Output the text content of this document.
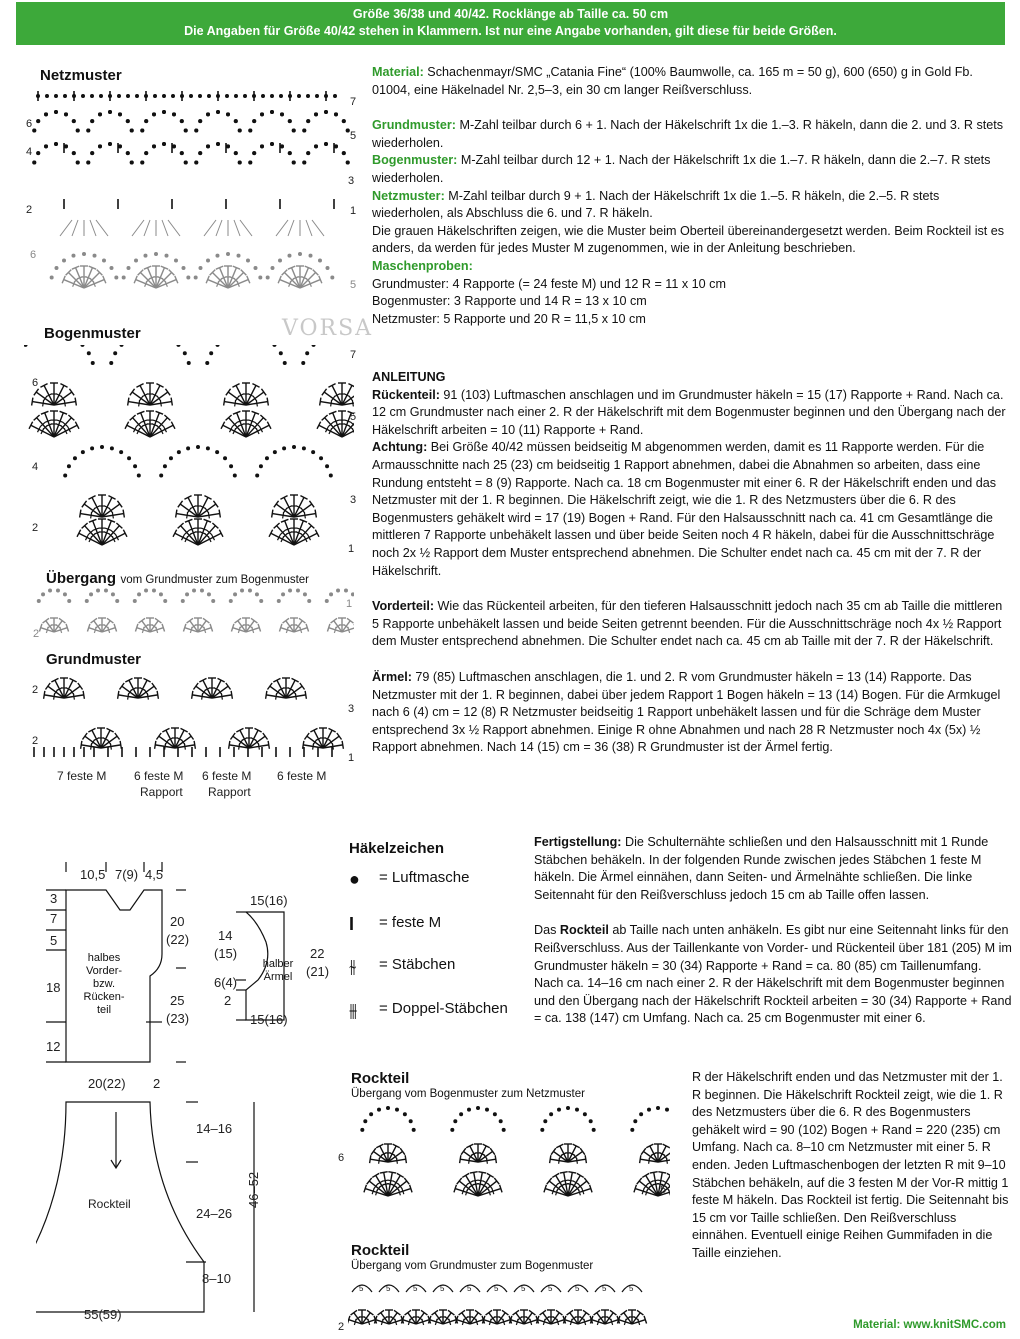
Größe 36/38 und 40/42. Rocklänge ab Taille ca. 50 cm
Die Angaben für Größe 40/42 stehen in Klammern. Ist nur eine Angabe vorhanden, gilt diese für beide Größen.
VORSA
Netzmuster
6
4
2
6
7
5
3
1
5
Bogenmuster
6
4
2
7
5
3
1
Übergang vom Grundmuster zum Bogenmuster
1
2
Grundmuster
2
2
3
1
7 feste M 6 feste M 6 feste M 6 feste M
Rapport Rapport

Material: Schachenmayr/SMC „Catania Fine“ (100% Baumwolle, ca. 165 m = 50 g), 600 (650) g in Gold Fb. 01004, eine Häkelnadel Nr. 2,5–3, ein 30 cm langer Reißverschluss.

Grundmuster: M-Zahl teilbar durch 6 + 1. Nach der Häkelschrift 1x die 1.–3. R häkeln, dann die 2. und 3. R stets wiederholen.

Bogenmuster: M-Zahl teilbar durch 12 + 1. Nach der Häkelschrift 1x die 1.–7. R häkeln, dann die 2.–7. R stets wiederholen.

Netzmuster: M-Zahl teilbar durch 9 + 1. Nach der Häkelschrift 1x die 1.–5. R häkeln, die 2.–5. R stets wiederholen, als Abschluss die 6. und 7. R häkeln.

Die grauen Häkelschriften zeigen, wie die Muster beim Oberteil übereinandergesetzt werden. Beim Rockteil ist es anders, da werden für jedes Muster M zugenommen, wie in der Anleitung beschrieben.

Maschenproben:

Grundmuster: 4 Rapporte (= 24 feste M) und 12 R = 11 x 10 cm

Bogenmuster: 3 Rapporte und 14 R = 13 x 10 cm

Netzmuster: 5 Rapporte und 20 R = 11,5 x 10 cm

ANLEITUNG

Rückenteil: 91 (103) Luftmaschen anschlagen und im Grundmuster häkeln = 15 (17) Rapporte + Rand. Nach ca. 12 cm Grundmuster nach einer 2. R der Häkelschrift mit dem Bogenmuster beginnen und den Übergang nach der Häkelschrift arbeiten = 10 (11) Rapporte + Rand.

Achtung: Bei Größe 40/42 müssen beidseitig M abgenommen werden, damit es 11 Rapporte werden. Für die Armausschnitte nach 25 (23) cm beidseitig 1 Rapport abnehmen, dabei die Abnahmen so arbeiten, dass eine Rundung entsteht = 8 (9) Rapporte. Nach ca. 18 cm Bogenmuster mit einer 6. R der Häkelschrift enden und das Netzmuster mit der 1. R beginnen. Die Häkelschrift zeigt, wie die 1. R des Netzmusters über die 6. R des Bogenmusters gehäkelt wird = 17 (19) Bogen + Rand. Für den Halsausschnitt nach ca. 41 cm Gesamtlänge die mittleren 7 Rapporte unbehäkelt lassen und über beide Seiten noch 4 R häkeln, dabei für die Ausschnittschräge noch 2x ½ Rapport dem Muster entsprechend abnehmen. Die Schulter endet nach ca. 45 cm mit der 7. R der Häkelschrift.

Vorderteil: Wie das Rückenteil arbeiten, für den tieferen Halsausschnitt jedoch nach 35 cm ab Taille die mittleren 5 Rapporte unbehäkelt lassen und beide Seiten getrennt beenden. Für die Ausschnittschräge noch 4x ½ Rapport dem Muster entsprechend abnehmen. Die Schulter endet nach ca. 45 cm ab Taille mit der 7. R der Häkelschrift.

Ärmel: 79 (85) Luftmaschen anschlagen, die 1. und 2. R vom Grundmuster häkeln = 13 (14) Rapporte. Das Netzmuster mit der 1. R beginnen, dabei über jedem Rapport 1 Bogen häkeln = 13 (14) Bogen. Für die Armkugel nach 6 (4) cm = 12 (8) R Netzmuster beidseitig 1 Rapport unbehäkelt lassen und für die Schräge dem Muster entsprechend 3x ½ Rapport abnehmen. Einige R ohne Abnahmen und nach 28 R Netzmuster noch 4x (5x) ½ Rapport abnehmen. Nach 14 (15) cm = 36 (38) R Grundmuster ist der Ärmel fertig.

Fertigstellung: Die Schulternähte schließen und den Halsausschnitt mit 1 Runde Stäbchen behäkeln. In der folgenden Runde zwischen jedes Stäbchen 1 feste M häkeln. Die Ärmel einnähen, dann Seiten- und Ärmelnähte schließen. Die linke Seitennaht für den Reißverschluss jedoch 15 cm ab Taille offen lassen.

Das Rockteil ab Taille nach unten anhäkeln. Es gibt nur eine Seitennaht links für den Reißverschluss. Aus der Taillenkante von Vorder- und Rückenteil über 181 (205) M im Grundmuster häkeln = 30 (34) Rapporte + Rand = ca. 80 (85) cm Taillenumfang. Nach ca. 14–16 cm nach einer 2. R der Häkelschrift mit dem Bogenmuster beginnen und den Übergang nach der Häkelschrift Rockteil arbeiten = 30 (34) Rapporte + Rand = ca. 138 (147) cm Umfang. Nach ca. 25 cm Bogenmuster mit einer 6.

R der Häkelschrift enden und das Netzmuster mit der 1. R beginnen. Die Häkelschrift Rockteil zeigt, wie die 1. R des Netzmusters über die 6. R des Bogenmusters gehäkelt wird = 90 (102) Bogen + Rand = 220 (235) cm Umfang. Nach ca. 8–10 cm Netzmuster mit einer 5. R enden. Jeden Luftmaschenbogen der letzten R mit 9–10 Stäbchen behäkeln, auf die 3 festen M der Vor-R mittig 1 feste M häkeln. Das Rockteil ist fertig. Die Seitennaht bis 15 cm vor Taille schließen. Den Reißverschluss einnähen. Eventuell einige Reihen Gummifaden in die Taille einziehen.

Häkelzeichen
● = Luftmasche
I = feste M
⫳ = Stäbchen
⫵ = Doppel-Stäbchen
10,5 7(9) 4,5
3
7
5
18
12
20
(22)
25
(23)
halbes
Vorder-
bzw.
Rücken-
teil
20(22) 2
15(16)
14
(15)
6(4)
2
22
(21)
halber
Ärmel
15(16)
Rockteil
14–16
24–26
8–10
46–52
55(59)
Rockteil
Übergang vom Bogenmuster zum Netzmuster
6
5
Rockteil
Übergang vom Grundmuster zum Bogenmuster
5	5	5	5	5	5	5	5	5	5	5
2	Material: www.knitSMC.com
